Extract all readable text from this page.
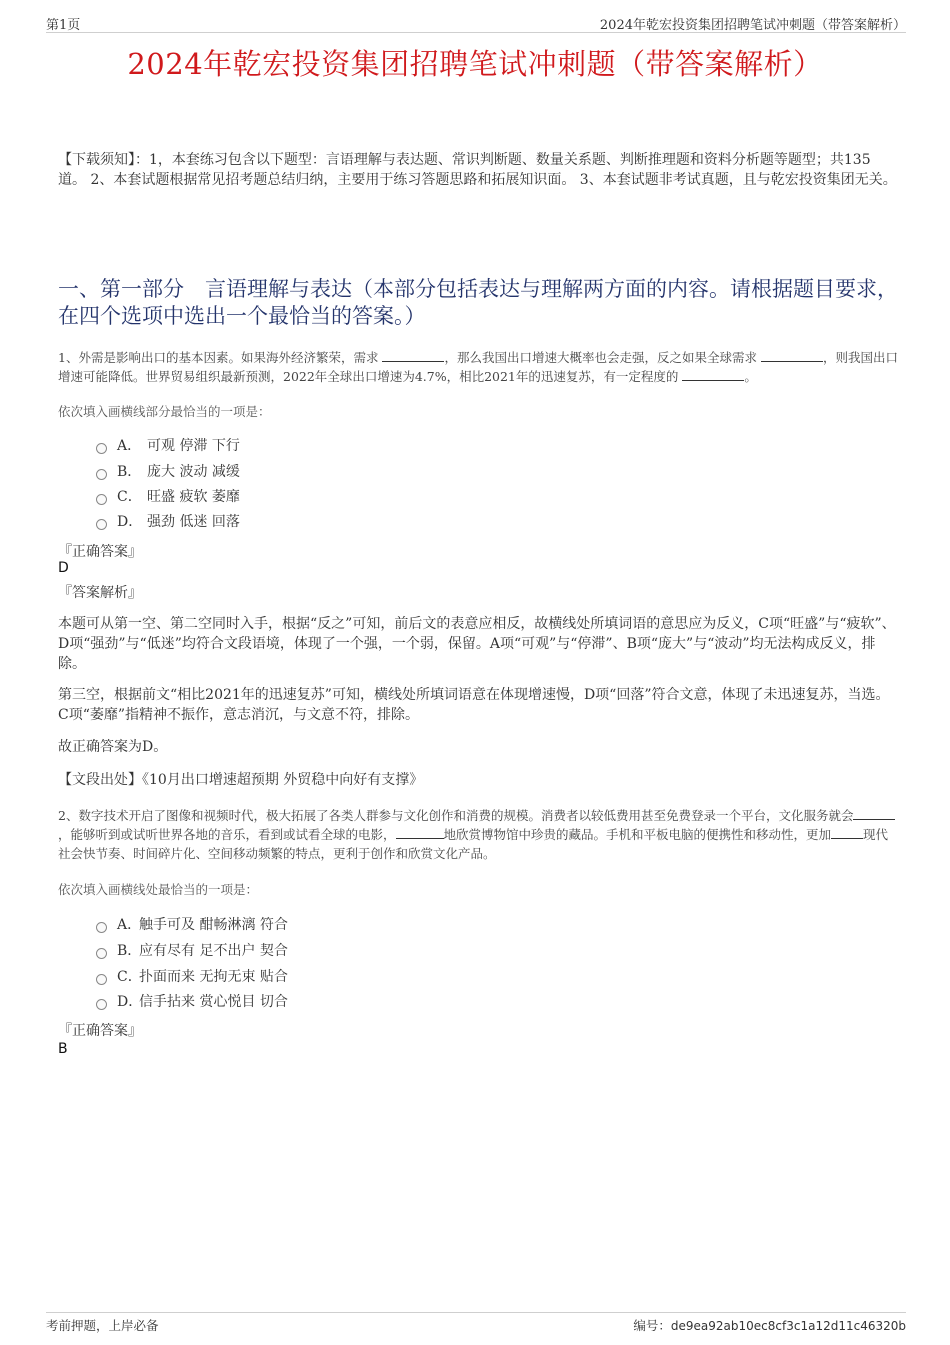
第1页	2024年乾宏投资集团招聘笔试冲刺题（带答案解析）
2024年乾宏投资集团招聘笔试冲刺题（带答案解析）
【下载须知】：1，本套练习包含以下题型：言语理解与表达题、常识判断题、数量关系题、判断推理题和资料分析题等题型；共135道。 2、本套试题根据常见招考题总结归纳，主要用于练习答题思路和拓展知识面。 3、本套试题非考试真题，且与乾宏投资集团无关。
一、第一部分　言语理解与表达（本部分包括表达与理解两方面的内容。请根据题目要求，在四个选项中选出一个最恰当的答案。）
1、外需是影响出口的基本因素。如果海外经济繁荣，需求	，那么我国出口增速大概率也会走强，反之如果全球需求	，则我国出口增速可能降低。世界贸易组织最新预测，2022年全球出口增速为4.7%，相比2021年的迅速复苏，有一定程度的	。
依次填入画横线部分最恰当的一项是：
A． 可观 停滞 下行
B． 庞大 波动 减缓
C． 旺盛 疲软 萎靡
D． 强劲 低迷 回落
『正确答案』
D
『答案解析』
本题可从第一空、第二空同时入手，根据“反之”可知，前后文的表意应相反，故横线处所填词语的意思应为反义，C项“旺盛”与“疲软”、D项“强劲”与“低迷”均符合文段语境，体现了一个强，一个弱，保留。A项“可观”与“停滞”、B项“庞大”与“波动”均无法构成反义，排除。
第三空，根据前文“相比2021年的迅速复苏”可知，横线处所填词语意在体现增速慢，D项“回落”符合文意，体现了未迅速复苏，当选。C项“萎靡”指精神不振作，意志消沉，与文意不符，排除。
故正确答案为D。
【文段出处】《10月出口增速超预期 外贸稳中向好有支撑》
2、数字技术开启了图像和视频时代，极大拓展了各类人群参与文化创作和消费的规模。消费者以较低费用甚至免费登录一个平台，文化服务就会 ，能够听到或试听世界各地的音乐，看到或试看全球的电影，	地欣赏博物馆中珍贵的藏品。手机和平板电脑的便携性和移动性，更加	现代社会快节奏、时间碎片化、空间移动频繁的特点，更利于创作和欣赏文化产品。
依次填入画横线处最恰当的一项是：
A．触手可及 酣畅淋漓 符合
B．应有尽有 足不出户 契合
C．扑面而来 无拘无束 贴合
D．信手拈来 赏心悦目 切合
『正确答案』
B
考前押题，上岸必备	编号：de9ea92ab10ec8cf3c1a12d11c46320b
